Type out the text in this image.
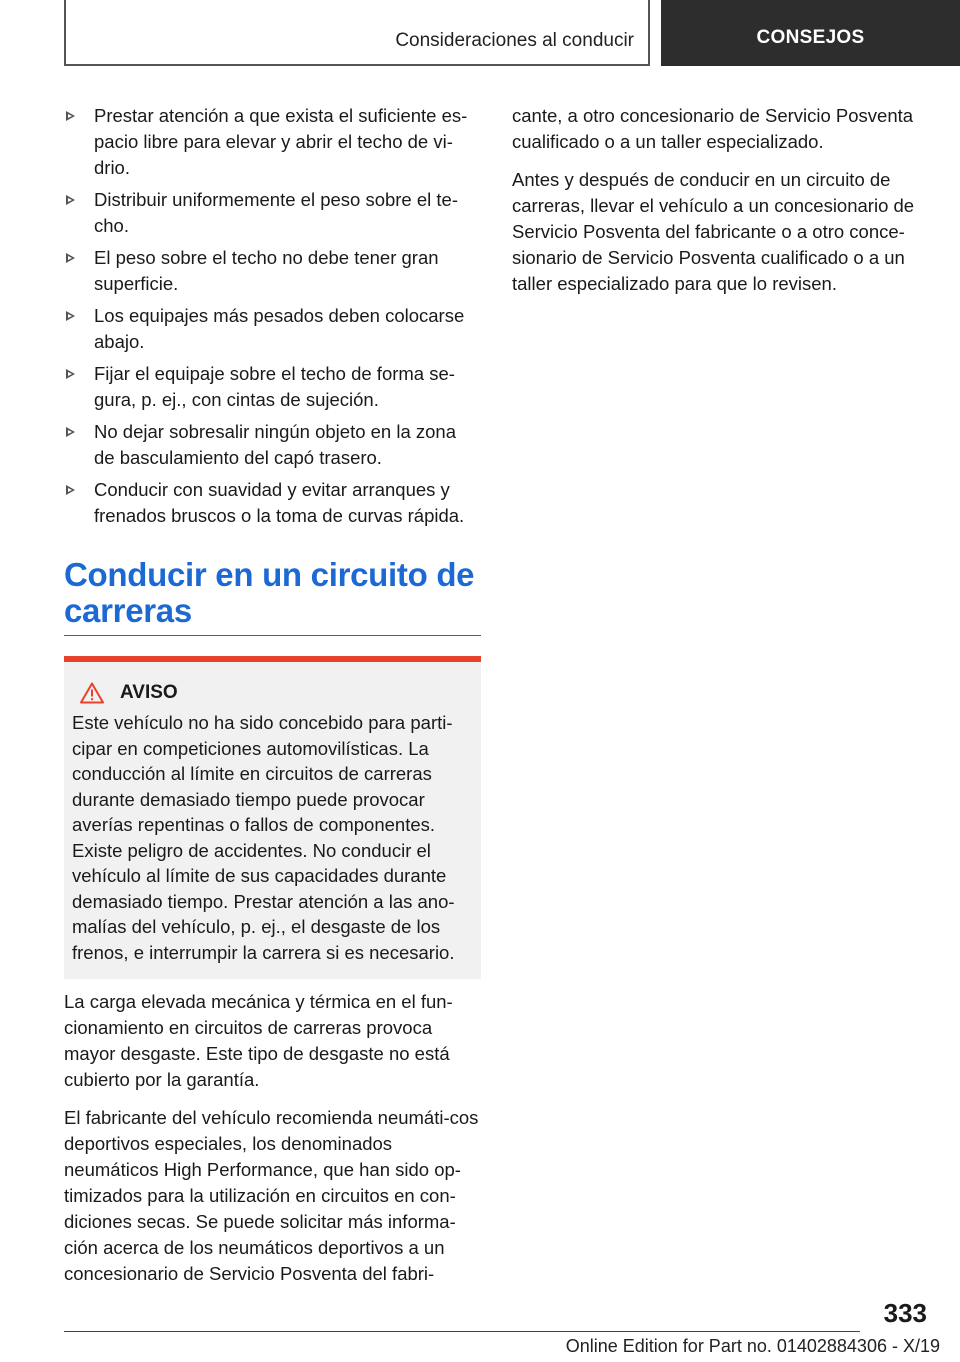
Consideraciones al conducir	CONSEJOS
Prestar atención a que exista el suficiente es-pacio libre para elevar y abrir el techo de vi-drio.
Distribuir uniformemente el peso sobre el te-cho.
El peso sobre el techo no debe tener gran superficie.
Los equipajes más pesados deben colocarse abajo.
Fijar el equipaje sobre el techo de forma se-gura, p. ej., con cintas de sujeción.
No dejar sobresalir ningún objeto en la zona de basculamiento del capó trasero.
Conducir con suavidad y evitar arranques y frenados bruscos o la toma de curvas rápida.
Conducir en un circuito de carreras
AVISO

Este vehículo no ha sido concebido para parti-cipar en competiciones automovilísticas. La conducción al límite en circuitos de carreras durante demasiado tiempo puede provocar averías repentinas o fallos de componentes. Existe peligro de accidentes. No conducir el vehículo al límite de sus capacidades durante demasiado tiempo. Prestar atención a las ano-malías del vehículo, p. ej., el desgaste de los frenos, e interrumpir la carrera si es necesario.

La carga elevada mecánica y térmica en el fun-cionamiento en circuitos de carreras provoca mayor desgaste. Este tipo de desgaste no está cubierto por la garantía.

El fabricante del vehículo recomienda neumáti-cos deportivos especiales, los denominados neumáticos High Performance, que han sido op-timizados para la utilización en circuitos en con-diciones secas. Se puede solicitar más informa-ción acerca de los neumáticos deportivos a un concesionario de Servicio Posventa del fabri-

cante, a otro concesionario de Servicio Posventa cualificado o a un taller especializado.

Antes y después de conducir en un circuito de carreras, llevar el vehículo a un concesionario de Servicio Posventa del fabricante o a otro conce-sionario de Servicio Posventa cualificado o a un taller especializado para que lo revisen.

333
Online Edition for Part no. 01402884306 - X/19
